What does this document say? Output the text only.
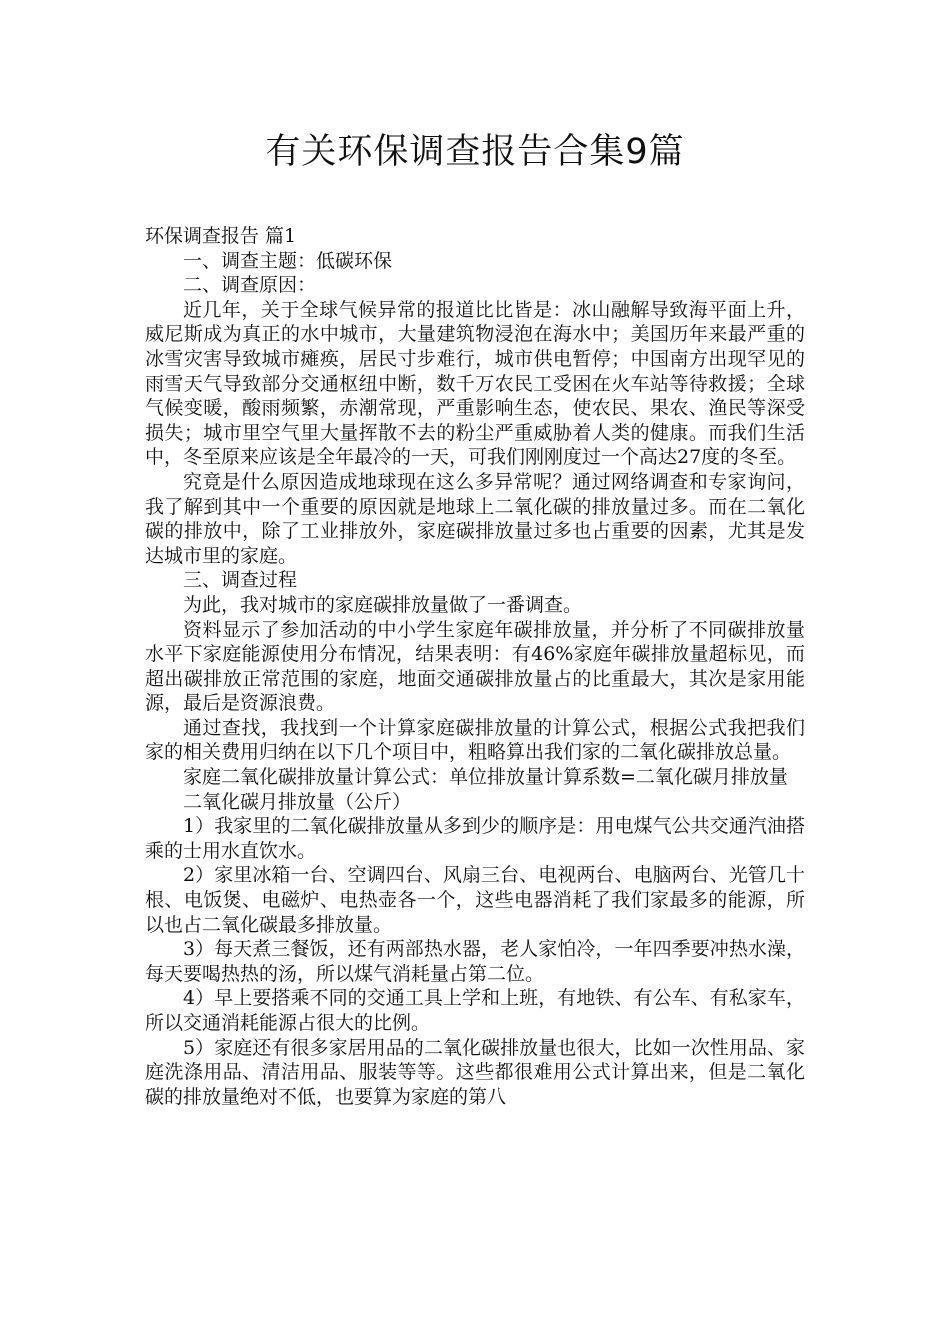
有关环保调查报告合集9篇

环保调查报告 篇1

一、调查主题：低碳环保

二、调查原因：

近几年，关于全球气候异常的报道比比皆是：冰山融解导致海平面上升，威尼斯成为真正的水中城市，大量建筑物浸泡在海水中；美国历年来最严重的冰雪灾害导致城市瘫痪，居民寸步难行，城市供电暂停；中国南方出现罕见的雨雪天气导致部分交通枢纽中断，数千万农民工受困在火车站等待救援；全球气候变暖，酸雨频繁，赤潮常现，严重影响生态，使农民、果农、渔民等深受损失；城市里空气里大量挥散不去的粉尘严重威胁着人类的健康。而我们生活中，冬至原来应该是全年最冷的一天，可我们刚刚度过一个高达27度的冬至。

究竟是什么原因造成地球现在这么多异常呢？通过网络调查和专家询问，我了解到其中一个重要的原因就是地球上二氧化碳的排放量过多。而在二氧化碳的排放中，除了工业排放外，家庭碳排放量过多也占重要的因素，尤其是发达城市里的家庭。

三、调查过程

为此，我对城市的家庭碳排放量做了一番调查。

资料显示了参加活动的中小学生家庭年碳排放量，并分析了不同碳排放量水平下家庭能源使用分布情况，结果表明：有46%家庭年碳排放量超标见，而超出碳排放正常范围的家庭，地面交通碳排放量占的比重最大，其次是家用能源，最后是资源浪费。

通过查找，我找到一个计算家庭碳排放量的计算公式，根据公式我把我们家的相关费用归纳在以下几个项目中，粗略算出我们家的二氧化碳排放总量。

家庭二氧化碳排放量计算公式：单位排放量计算系数=二氧化碳月排放量

二氧化碳月排放量（公斤）

1）我家里的二氧化碳排放量从多到少的顺序是：用电煤气公共交通汽油搭乘的士用水直饮水。

2）家里冰箱一台、空调四台、风扇三台、电视两台、电脑两台、光管几十根、电饭煲、电磁炉、电热壶各一个，这些电器消耗了我们家最多的能源，所以也占二氧化碳最多排放量。

3）每天煮三餐饭，还有两部热水器，老人家怕冷，一年四季要冲热水澡，每天要喝热热的汤，所以煤气消耗量占第二位。

4）早上要搭乘不同的交通工具上学和上班，有地铁、有公车、有私家车，所以交通消耗能源占很大的比例。

5）家庭还有很多家居用品的二氧化碳排放量也很大，比如一次性用品、家庭洗涤用品、清洁用品、服装等等。这些都很难用公式计算出来，但是二氧化碳的排放量绝对不低，也要算为家庭的第八
